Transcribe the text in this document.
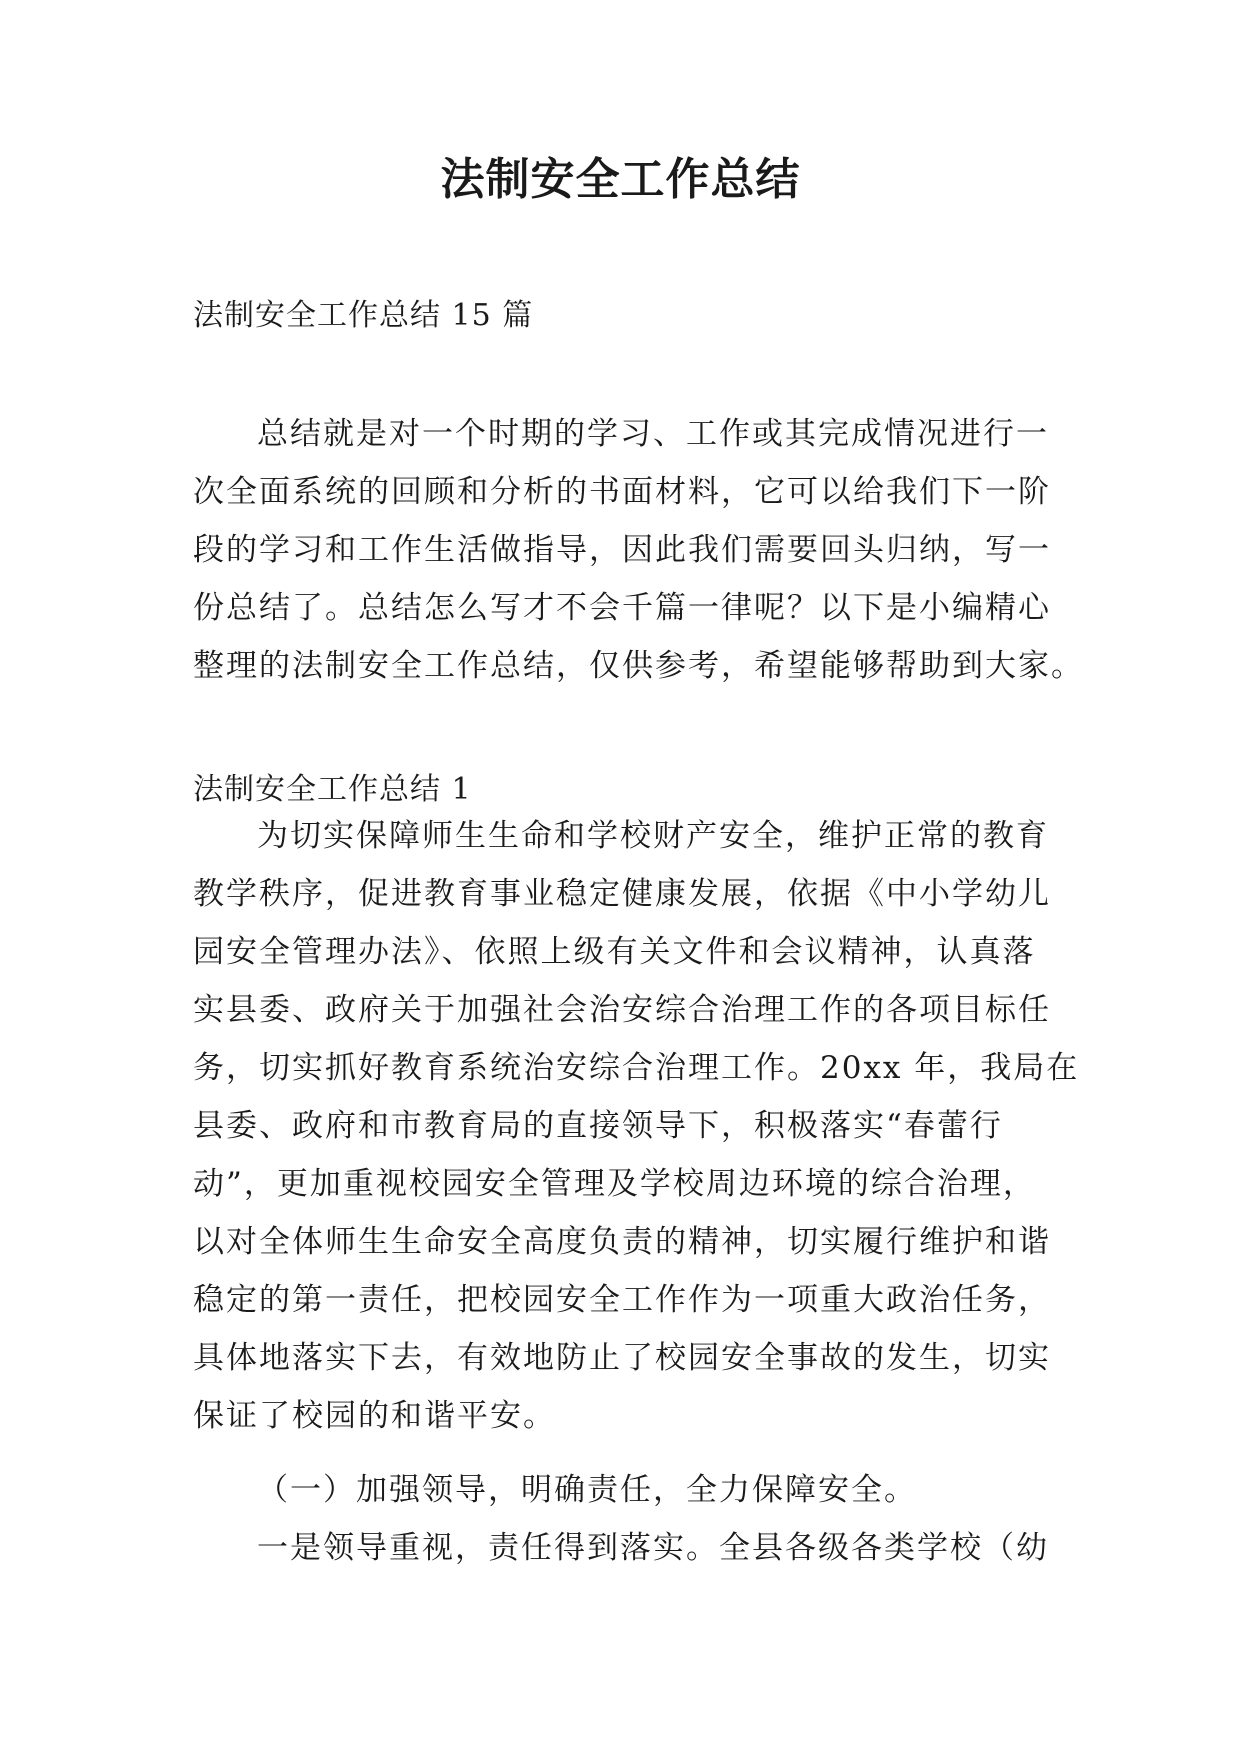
法制安全工作总结
法制安全工作总结 15 篇
总结就是对一个时期的学习、工作或其完成情况进行一
次全面系统的回顾和分析的书面材料，它可以给我们下一阶
段的学习和工作生活做指导，因此我们需要回头归纳，写一
份总结了。总结怎么写才不会千篇一律呢？以下是小编精心
整理的法制安全工作总结，仅供参考，希望能够帮助到大家。
法制安全工作总结 1
为切实保障师生生命和学校财产安全，维护正常的教育
教学秩序，促进教育事业稳定健康发展，依据《中小学幼儿
园安全管理办法》、依照上级有关文件和会议精神，认真落
实县委、政府关于加强社会治安综合治理工作的各项目标任
务，切实抓好教育系统治安综合治理工作。20xx 年，我局在
县委、政府和市教育局的直接领导下，积极落实“春蕾行
动”，更加重视校园安全管理及学校周边环境的综合治理，
以对全体师生生命安全高度负责的精神，切实履行维护和谐
稳定的第一责任，把校园安全工作作为一项重大政治任务，
具体地落实下去，有效地防止了校园安全事故的发生，切实
保证了校园的和谐平安。
（一）加强领导，明确责任，全力保障安全。
一是领导重视，责任得到落实。全县各级各类学校（幼
